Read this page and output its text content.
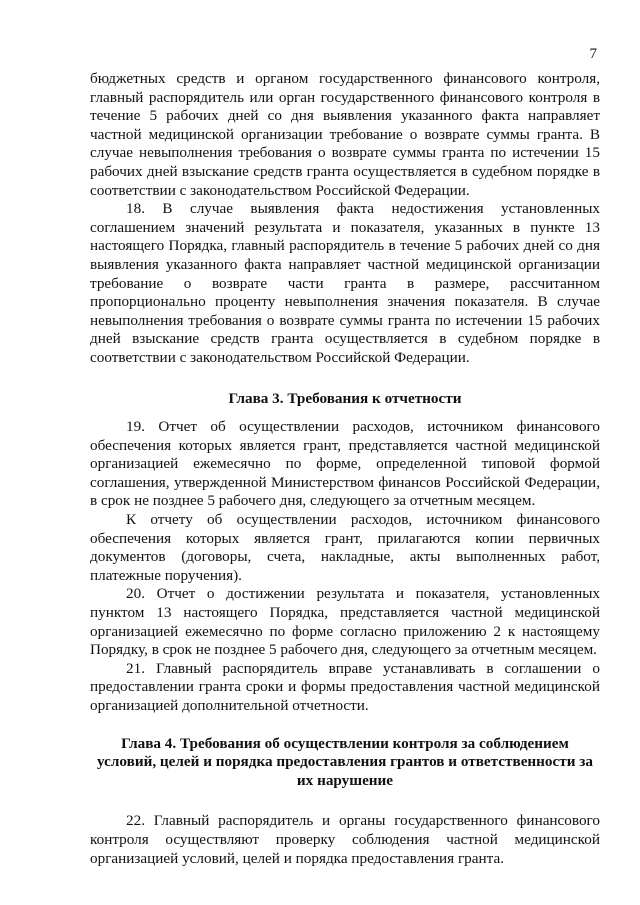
7

бюджетных средств и органом государственного финансового контроля, главный распорядитель или орган государственного финансового контроля в течение 5 рабочих дней со дня выявления указанного факта направляет частной медицинской организации требование о возврате суммы гранта. В случае невыполнения требования о возврате суммы гранта по истечении 15 рабочих дней взыскание средств гранта осуществляется в судебном порядке в соответствии с законодательством Российской Федерации.

18. В случае выявления факта недостижения установленных соглашением значений результата и показателя, указанных в пункте 13 настоящего Порядка, главный распорядитель в течение 5 рабочих дней со дня выявления указанного факта направляет частной медицинской организации требование о возврате части гранта в размере, рассчитанном пропорционально проценту невыполнения значения показателя. В случае невыполнения требования о возврате суммы гранта по истечении 15 рабочих дней взыскание средств гранта осуществляется в судебном порядке в соответствии с законодательством Российской Федерации.

Глава 3. Требования к отчетности

19. Отчет об осуществлении расходов, источником финансового обеспечения которых является грант, представляется частной медицинской организацией ежемесячно по форме, определенной типовой формой соглашения, утвержденной Министерством финансов Российской Федерации, в срок не позднее 5 рабочего дня, следующего за отчетным месяцем.

К отчету об осуществлении расходов, источником финансового обеспечения которых является грант, прилагаются копии первичных документов (договоры, счета, накладные, акты выполненных работ, платежные поручения).

20. Отчет о достижении результата и показателя, установленных пунктом 13 настоящего Порядка, представляется частной медицинской организацией ежемесячно по форме согласно приложению 2 к настоящему Порядку, в срок не позднее 5 рабочего дня, следующего за отчетным месяцем.

21. Главный распорядитель вправе устанавливать в соглашении о предоставлении гранта сроки и формы предоставления частной медицинской организацией дополнительной отчетности.

Глава 4. Требования об осуществлении контроля за соблюдением условий, целей и порядка предоставления грантов и ответственности за их нарушение

22. Главный распорядитель и органы государственного финансового контроля осуществляют проверку соблюдения частной медицинской организацией условий, целей и порядка предоставления гранта.
